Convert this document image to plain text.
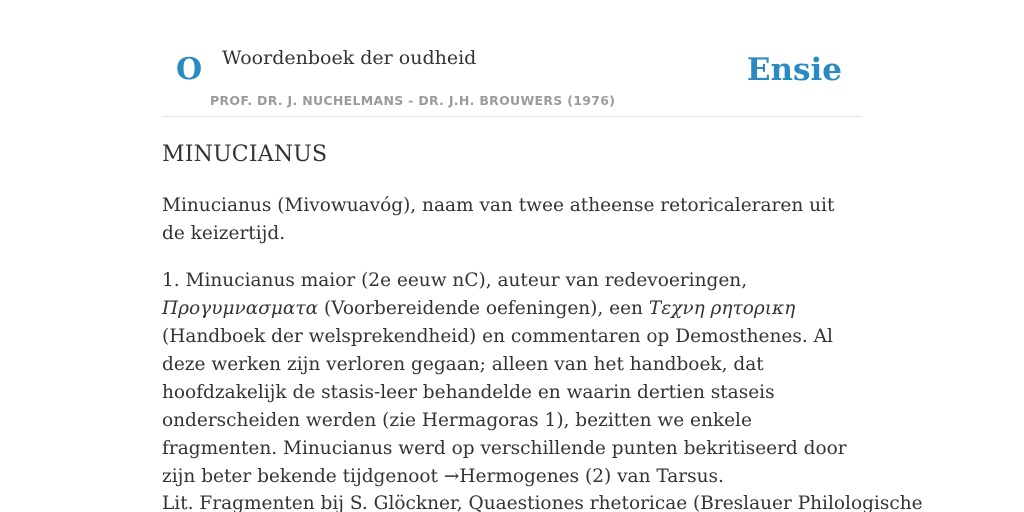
O Woordenboek der oudheid
PROF. DR. J. NUCHELMANS - DR. J.H. BROUWERS (1976)
Ensie
MINUCIANUS
Minucianus (Mivowuavóg), naam van twee atheense retoricaleraren uit de keizertijd.
1. Minucianus maior (2e eeuw nC), auteur van redevoeringen, Προγυμνασματα (Voorbereidende oefeningen), een Τεχνη ρητορικη (Handboek der welsprekendheid) en commentaren op Demosthenes. Al deze werken zijn verloren gegaan; alleen van het handboek, dat hoofdzakelijk de stasis-leer behandelde en waarin dertien staseis onderscheiden werden (zie Hermagoras 1), bezitten we enkele fragmenten. Minucianus werd op verschillende punten bekritiseerd door zijn beter bekende tijdgenoot →Hermogenes (2) van Tarsus.
Lit. Fragmenten bij S. Glöckner, Quaestiones rhetoricae (Breslauer Philologische
